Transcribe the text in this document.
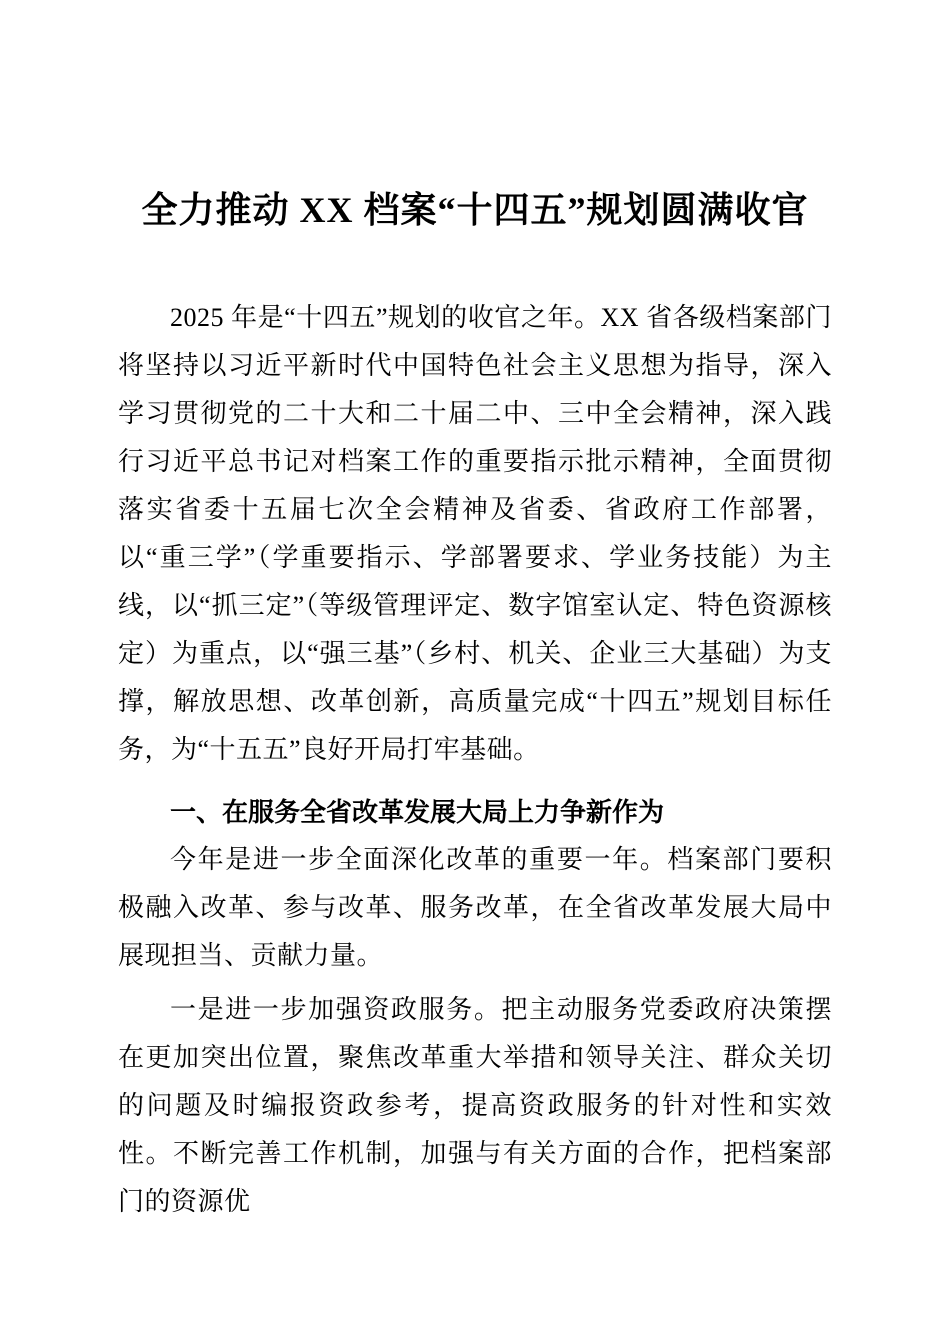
全力推动 XX 档案“十四五”规划圆满收官

2025 年是“十四五”规划的收官之年。XX 省各级档案部门将坚持以习近平新时代中国特色社会主义思想为指导，深入学习贯彻党的二十大和二十届二中、三中全会精神，深入践行习近平总书记对档案工作的重要指示批示精神，全面贯彻落实省委十五届七次全会精神及省委、省政府工作部署，以“重三学”（学重要指示、学部署要求、学业务技能）为主线，以“抓三定”（等级管理评定、数字馆室认定、特色资源核定）为重点，以“强三基”（乡村、机关、企业三大基础）为支撑，解放思想、改革创新，高质量完成“十四五”规划目标任务，为“十五五”良好开局打牢基础。

一、在服务全省改革发展大局上力争新作为

今年是进一步全面深化改革的重要一年。档案部门要积极融入改革、参与改革、服务改革，在全省改革发展大局中展现担当、贡献力量。

一是进一步加强资政服务。把主动服务党委政府决策摆在更加突出位置，聚焦改革重大举措和领导关注、群众关切的问题及时编报资政参考，提高资政服务的针对性和实效性。不断完善工作机制，加强与有关方面的合作，把档案部门的资源优
